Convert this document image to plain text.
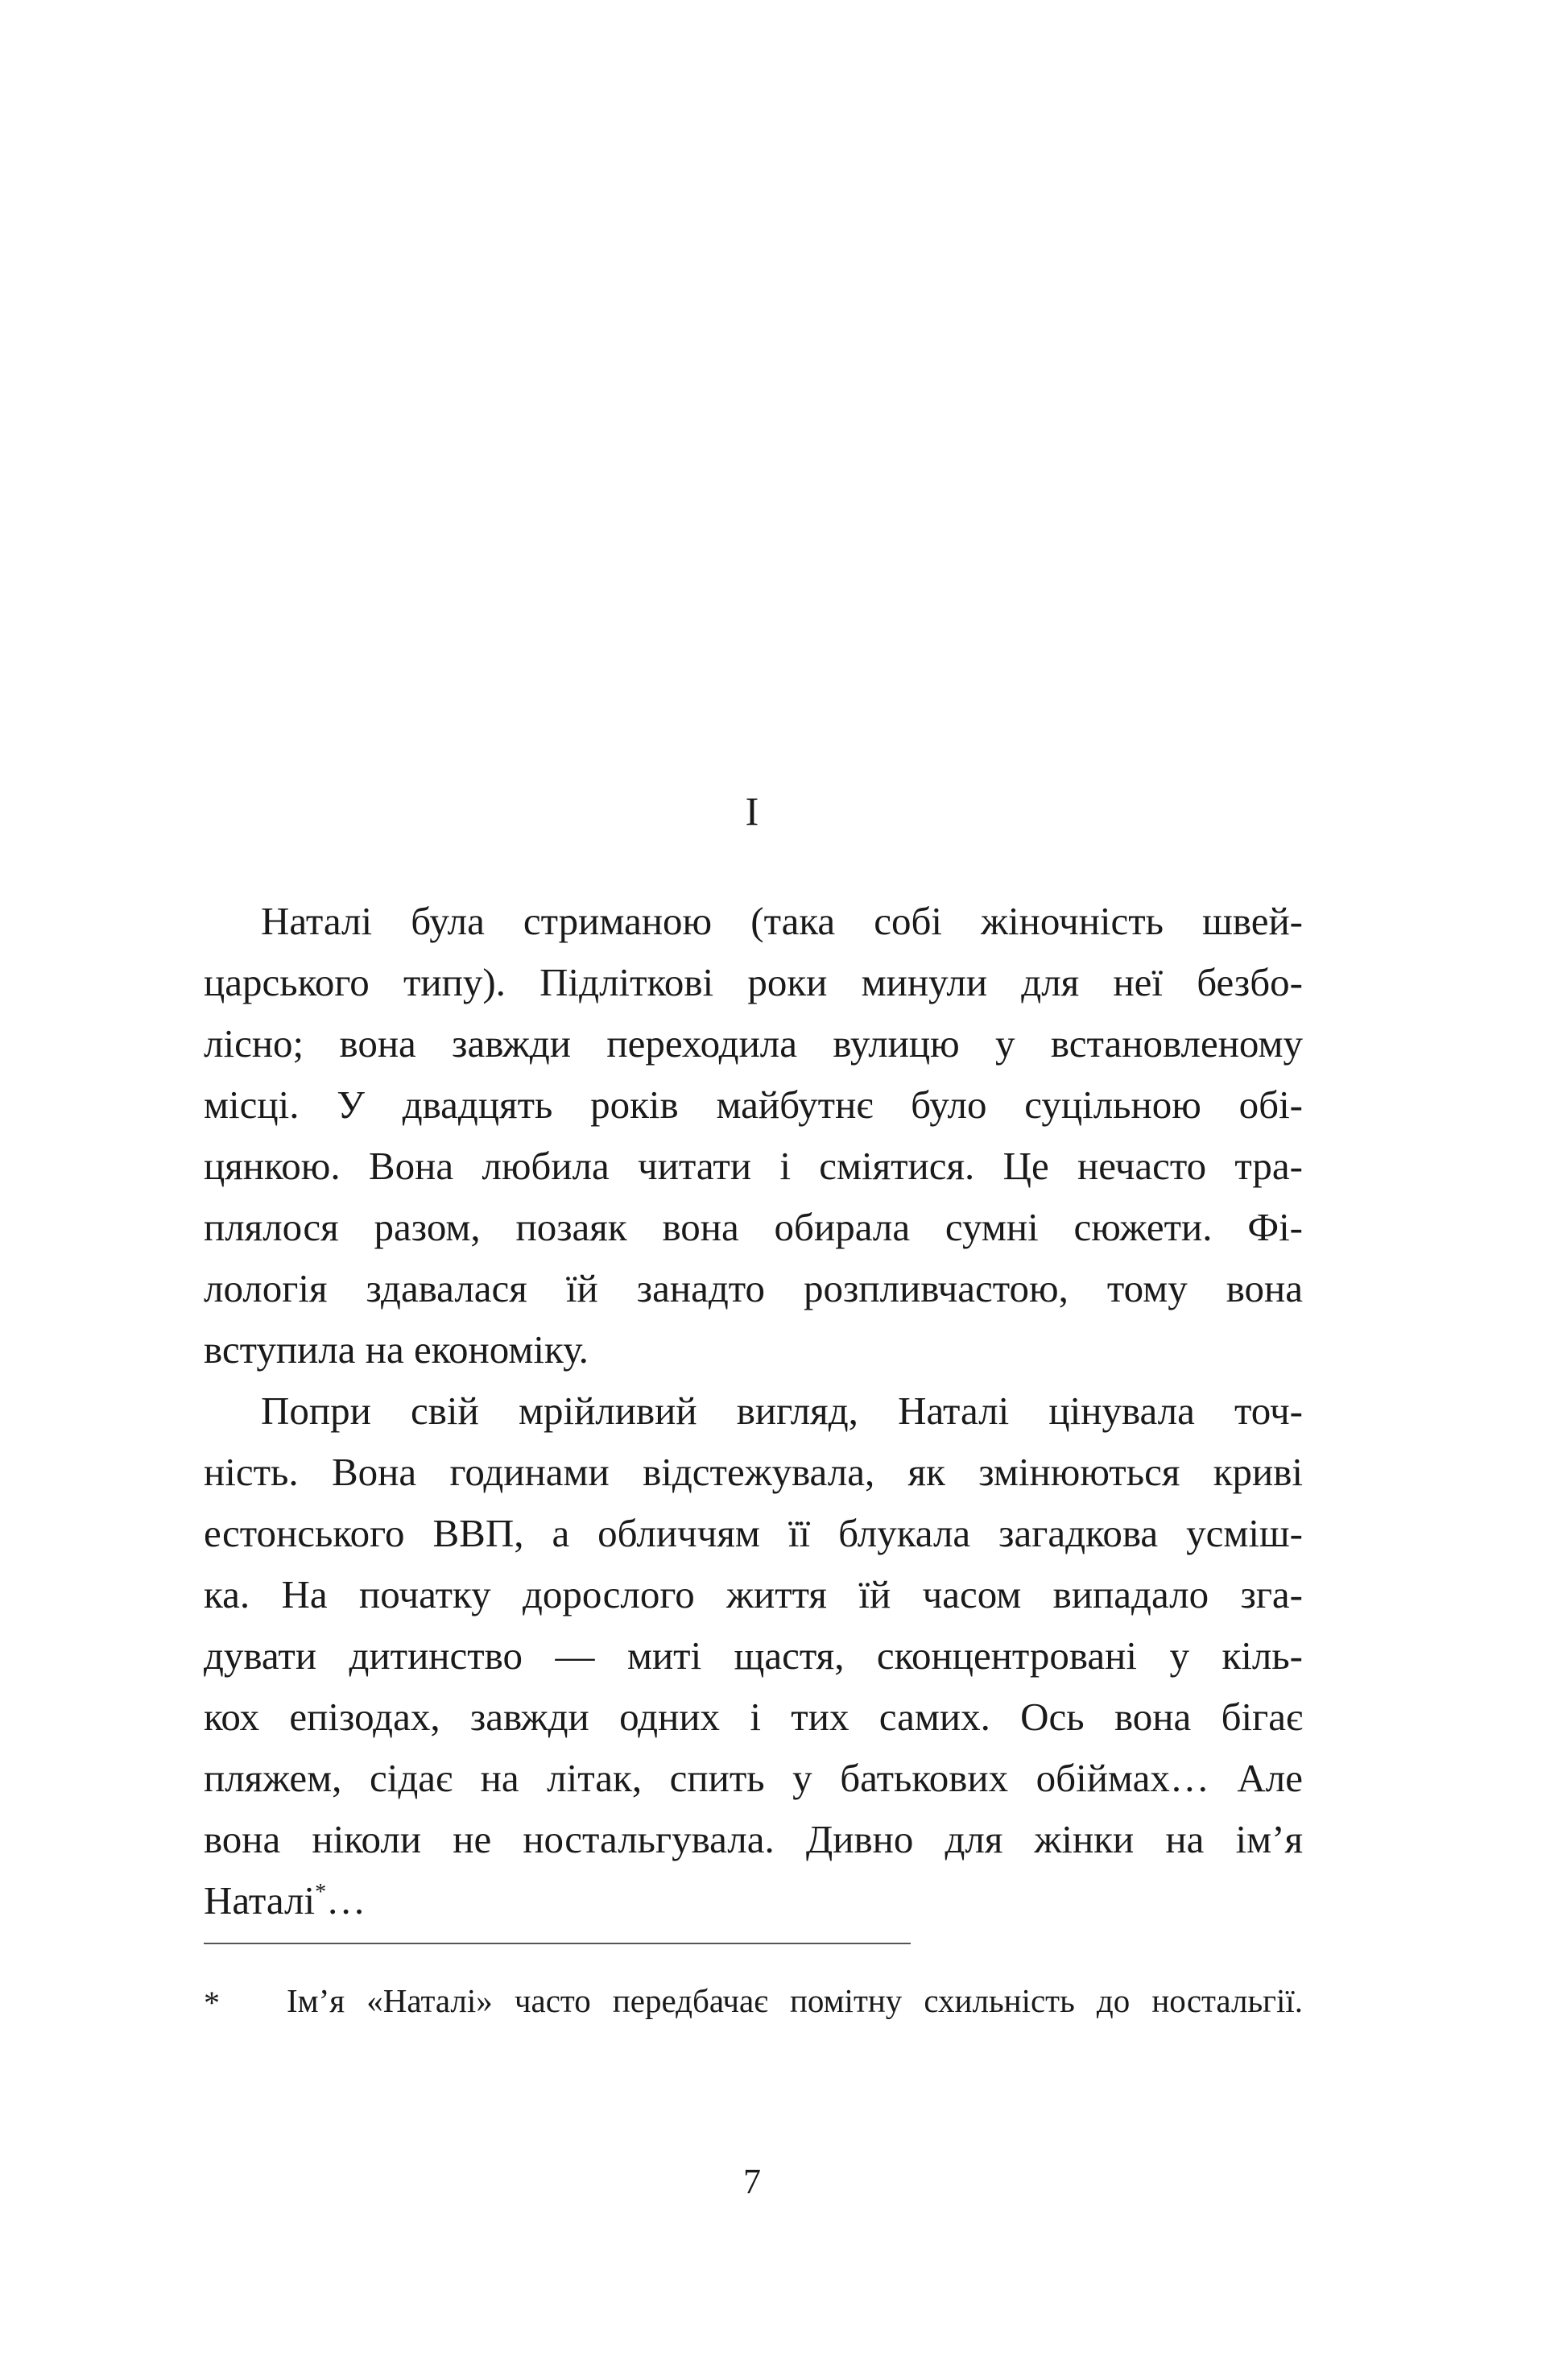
I
Наталі була стриманою (така собі жіночність швей-
царського типу). Підліткові роки минули для неї безбо-
лісно; вона завжди переходила вулицю у встановленому
місці. У двадцять років майбутнє було суцільною обі-
цянкою. Вона любила читати і сміятися. Це нечасто тра-
плялося разом, позаяк вона обирала сумні сюжети. Фі-
лологія здавалася їй занадто розпливчастою, тому вона
вступила на економіку.
Попри свій мрійливий вигляд, Наталі цінувала точ-
ність. Вона годинами відстежувала, як змінюються криві
естонського ВВП, а обличчям її блукала загадкова усміш-
ка. На початку дорослого життя їй часом випадало зга-
дувати дитинство — миті щастя, сконцентровані у кіль-
кох епізодах, завжди одних і тих самих. Ось вона бігає
пляжем, сідає на літак, спить у батькових обіймах… Але
вона ніколи не ностальгувала. Дивно для жінки на ім’я
Наталі*…
* Ім’я «Наталі» часто передбачає помітну схильність до ностальгії.
7
